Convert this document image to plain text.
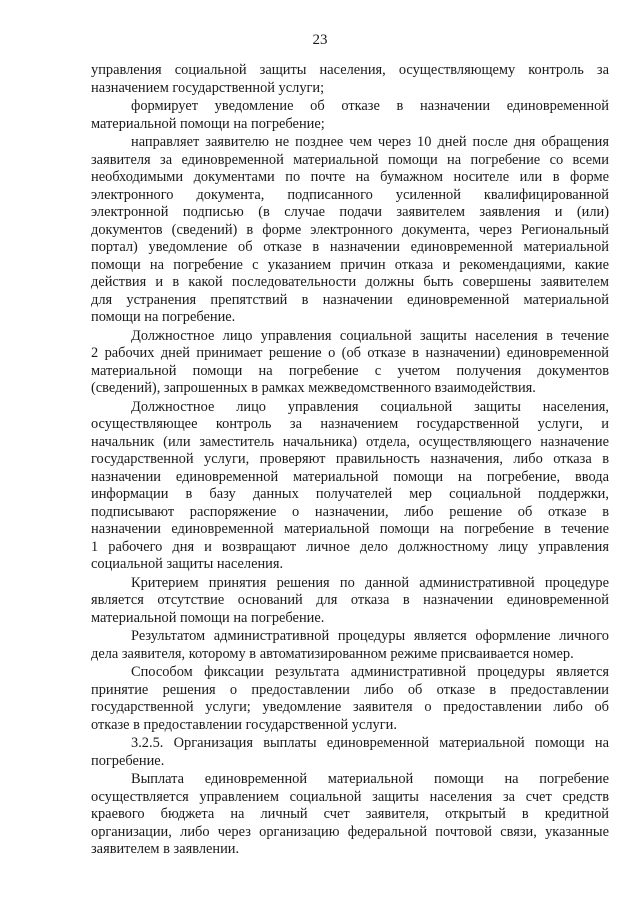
23
управления социальной защиты населения, осуществляющему контроль за
назначением государственной услуги;
формирует уведомление об отказе в назначении единовременной
материальной помощи на погребение;
направляет заявителю не позднее чем через 10 дней после дня обращения
заявителя за единовременной материальной помощи на погребение со всеми
необходимыми документами по почте на бумажном носителе или в форме
электронного документа, подписанного усиленной квалифицированной
электронной подписью (в случае подачи заявителем заявления и (или)
документов (сведений) в форме электронного документа, через Региональный
портал) уведомление об отказе в назначении единовременной материальной
помощи на погребение с указанием причин отказа и рекомендациями, какие
действия и в какой последовательности должны быть совершены заявителем
для устранения препятствий в назначении единовременной материальной
помощи на погребение.
Должностное лицо управления социальной защиты населения в течение
2 рабочих дней принимает решение о (об отказе в назначении) единовременной
материальной помощи на погребение с учетом получения документов
(сведений), запрошенных в рамках межведомственного взаимодействия.
Должностное лицо управления социальной защиты населения,
осуществляющее контроль за назначением государственной услуги, и
начальник (или заместитель начальника) отдела, осуществляющего назначение
государственной услуги, проверяют правильность назначения, либо отказа в
назначении единовременной материальной помощи на погребение, ввода
информации в базу данных получателей мер социальной поддержки,
подписывают распоряжение о назначении, либо решение об отказе в
назначении единовременной материальной помощи на погребение в течение
1 рабочего дня и возвращают личное дело должностному лицу управления
социальной защиты населения.
Критерием принятия решения по данной административной процедуре
является отсутствие оснований для отказа в назначении единовременной
материальной помощи на погребение.
Результатом административной процедуры является оформление личного
дела заявителя, которому в автоматизированном режиме присваивается номер.
Способом фиксации результата административной процедуры является
принятие решения о предоставлении либо об отказе в предоставлении
государственной услуги; уведомление заявителя о предоставлении либо об
отказе в предоставлении государственной услуги.
3.2.5. Организация выплаты единовременной материальной помощи на
погребение.
Выплата единовременной материальной помощи на погребение
осуществляется управлением социальной защиты населения за счет средств
краевого бюджета на личный счет заявителя, открытый в кредитной
организации, либо через организацию федеральной почтовой связи, указанные
заявителем в заявлении.
